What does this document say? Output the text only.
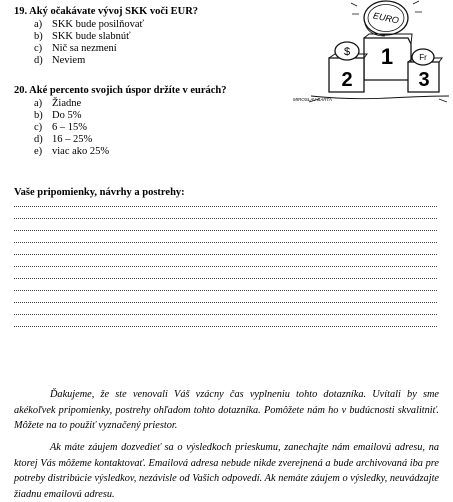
19. Aký očakávate vývoj SKK voči EUR?
a) SKK bude posilňovať
b) SKK bude slabnúť
c) Nič sa nezmení
d) Neviem
20. Aké percento svojich úspor držíte v eurách?
a) Žiadne
b) Do 5%
c) 6 – 15%
d) 16 – 25%
e) viac ako 25%
EURO
$	Fr
1
2	3
MIROSLAV BARTA
Vaše pripomienky, návrhy a postrehy:
Ďakujeme, že ste venovali Váš vzácny čas vyplneniu tohto dotazníka. Uvítali by sme akékoľvek pripomienky, postrehy ohľadom tohto dotazníka. Pomôžete nám ho v budúcnosti skvalitniť. Môžete na to použiť vyznačený priestor.
Ak máte záujem dozvedieť sa o výsledkoch prieskumu, zanechajte nám emailovú adresu, na ktorej Vás môžeme kontaktovať. Emailová adresa nebude nikde zverejnená a bude archivovaná iba pre potreby distribúcie výsledkov, nezávisle od Vašich odpovedí. Ak nemáte záujem o výsledky, neuvádzajte žiadnu emailovú adresu.
